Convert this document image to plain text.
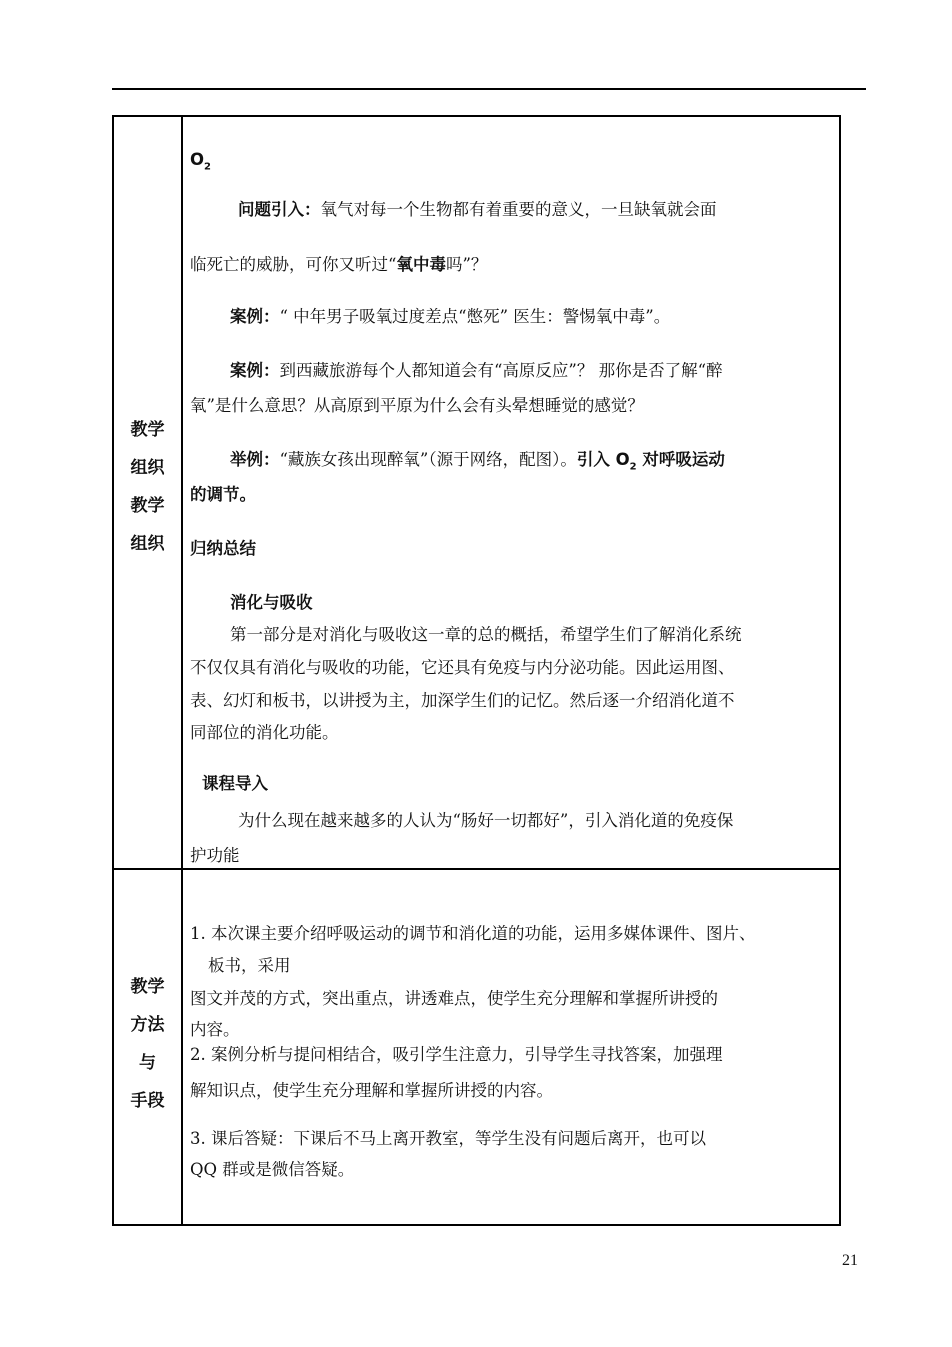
教学
组织
教学
组织
$O_2$
问题引入：氧气对每一个生物都有着重要的意义，一旦缺氧就会面
临死亡的威胁，可你又听过“氧中毒吗”？
案例：“ 中年男子吸氧过度差点“憋死” 医生：警惕氧中毒”。
案例：到西藏旅游每个人都知道会有“高原反应”？ 那你是否了解“醉
氧”是什么意思？从高原到平原为什么会有头晕想睡觉的感觉？
举例：“藏族女孩出现醉氧”（源于网络，配图）。引入 $O_2$ 对呼吸运动
的调节。
归纳总结
消化与吸收
第一部分是对消化与吸收这一章的总的概括，希望学生们了解消化系统
不仅仅具有消化与吸收的功能，它还具有免疫与内分泌功能。因此运用图、
表、幻灯和板书，以讲授为主，加深学生们的记忆。然后逐一介绍消化道不
同部位的消化功能。
课程导入
为什么现在越来越多的人认为“肠好一切都好”，引入消化道的免疫保
护功能
教学
方法
与
手段
1. 本次课主要介绍呼吸运动的调节和消化道的功能，运用多媒体课件、图片、
板书，采用
图文并茂的方式，突出重点，讲透难点，使学生充分理解和掌握所讲授的
内容。
2. 案例分析与提问相结合，吸引学生注意力，引导学生寻找答案，加强理
解知识点，使学生充分理解和掌握所讲授的内容。
3. 课后答疑：下课后不马上离开教室，等学生没有问题后离开，也可以
QQ 群或是微信答疑。
21
